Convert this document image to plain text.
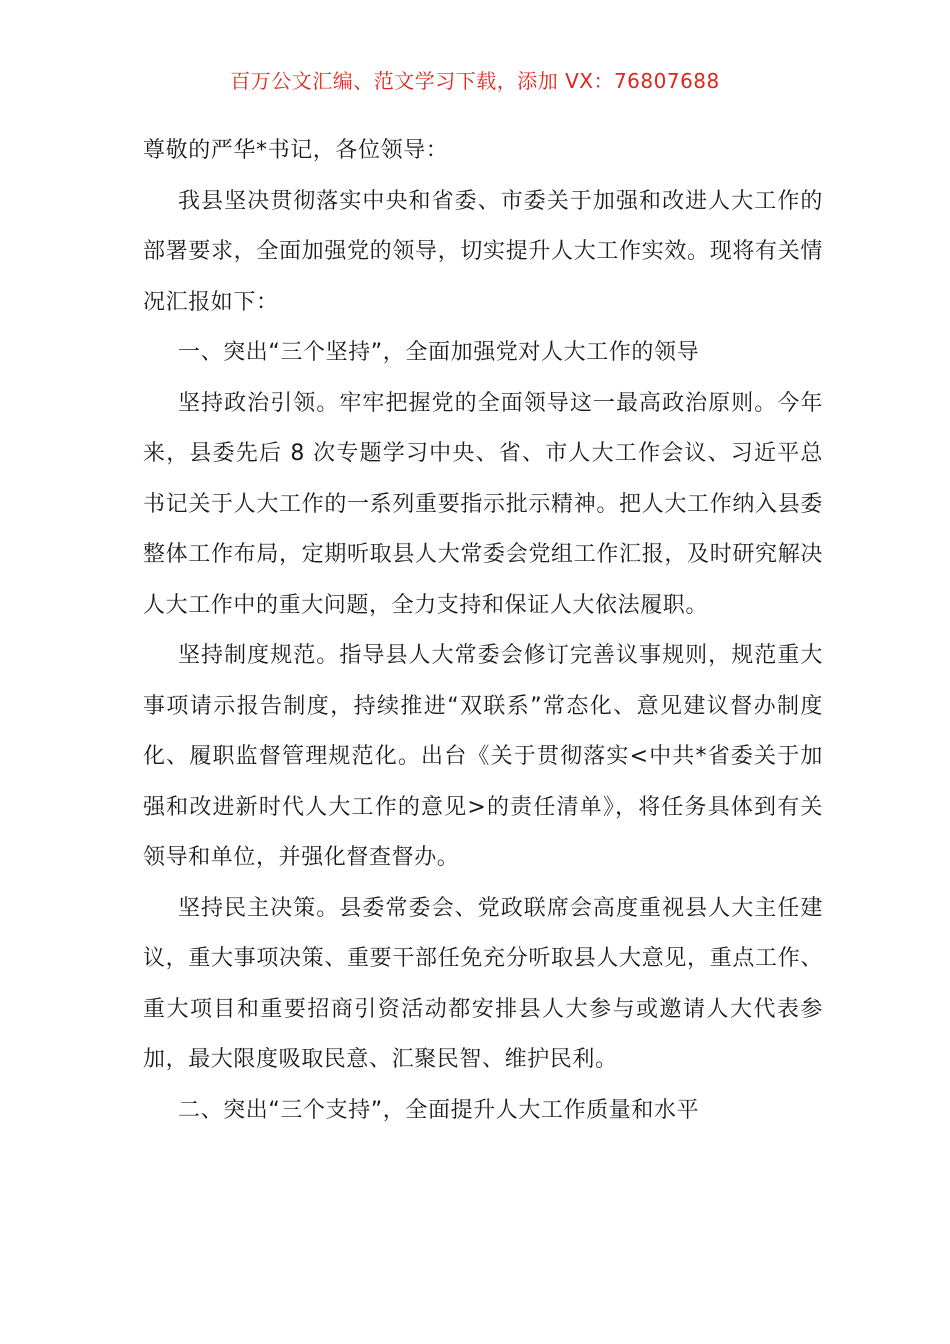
百万公文汇编、范文学习下载，添加 VX：76807688

尊敬的严华*书记，各位领导：

我县坚决贯彻落实中央和省委、市委关于加强和改进人大工作的部署要求，全面加强党的领导，切实提升人大工作实效。现将有关情况汇报如下：

一、突出“三个坚持”，全面加强党对人大工作的领导

坚持政治引领。牢牢把握党的全面领导这一最高政治原则。今年来，县委先后 8 次专题学习中央、省、市人大工作会议、习近平总书记关于人大工作的一系列重要指示批示精神。把人大工作纳入县委整体工作布局，定期听取县人大常委会党组工作汇报，及时研究解决人大工作中的重大问题，全力支持和保证人大依法履职。

坚持制度规范。指导县人大常委会修订完善议事规则，规范重大事项请示报告制度，持续推进“双联系”常态化、意见建议督办制度化、履职监督管理规范化。出台《关于贯彻落实<中共*省委关于加强和改进新时代人大工作的意见>的责任清单》，将任务具体到有关领导和单位，并强化督查督办。

坚持民主决策。县委常委会、党政联席会高度重视县人大主任建议，重大事项决策、重要干部任免充分听取县人大意见，重点工作、重大项目和重要招商引资活动都安排县人大参与或邀请人大代表参加，最大限度吸取民意、汇聚民智、维护民利。

二、突出“三个支持”，全面提升人大工作质量和水平
